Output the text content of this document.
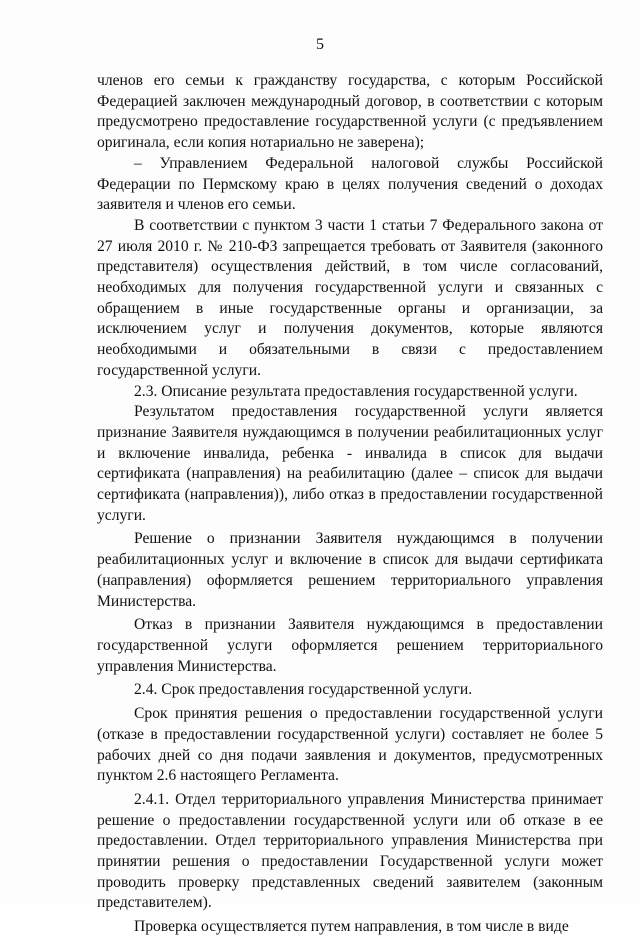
5

членов его семьи к гражданству государства, с которым Российской Федерацией заключен международный договор, в соответствии с которым предусмотрено предоставление государственной услуги (с предъявлением оригинала, если копия нотариально не заверена);

– Управлением Федеральной налоговой службы Российской Федерации по Пермскому краю в целях получения сведений о доходах заявителя и членов его семьи.

В соответствии с пунктом 3 части 1 статьи 7 Федерального закона от 27 июля 2010 г. № 210-ФЗ запрещается требовать от Заявителя (законного представителя) осуществления действий, в том числе согласований, необходимых для получения государственной услуги и связанных с обращением в иные государственные органы и организации, за исключением услуг и получения документов, которые являются необходимыми и обязательными в связи с предоставлением государственной услуги.

2.3. Описание результата предоставления государственной услуги.

Результатом предоставления государственной услуги является признание Заявителя нуждающимся в получении реабилитационных услуг и включение инвалида, ребенка - инвалида в список для выдачи сертификата (направления) на реабилитацию (далее – список для выдачи сертификата (направления)), либо отказ в предоставлении государственной услуги.

Решение о признании Заявителя нуждающимся в получении реабилитационных услуг и включение в список для выдачи сертификата (направления) оформляется решением территориального управления Министерства.

Отказ в признании Заявителя нуждающимся в предоставлении государственной услуги оформляется решением территориального управления Министерства.

2.4. Срок предоставления государственной услуги.

Срок принятия решения о предоставлении государственной услуги (отказе в предоставлении государственной услуги) составляет не более 5 рабочих дней со дня подачи заявления и документов, предусмотренных пунктом 2.6 настоящего Регламента.

2.4.1. Отдел территориального управления Министерства принимает решение о предоставлении государственной услуги или об отказе в ее предоставлении. Отдел территориального управления Министерства при принятии решения о предоставлении Государственной услуги может проводить проверку представленных сведений заявителем (законным представителем).

Проверка осуществляется путем направления, в том числе в виде
